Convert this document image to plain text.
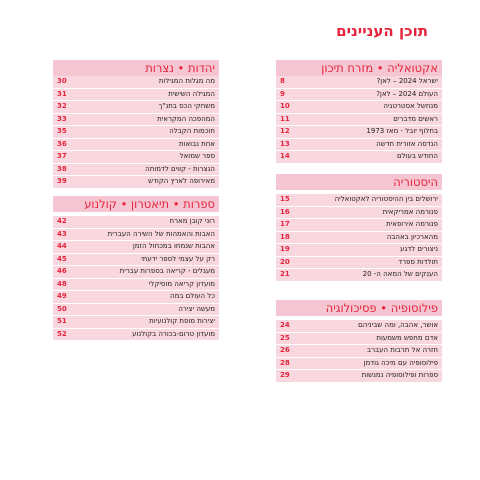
תוכן העניינים
אקטואליה • מזרח תיכון
ישראל 2024 – לאן?
8
העולם 2024 – לאן?
9
מנחשל אסטרטגיה
10
ראשים מדברים
11
בחלוף יובל - מאז 1973
12
הנדסה אזורית חדשה
13
החודש בעולם
14
היסטוריה
ירושלים בין ההיסטוריה לאקטואליה
15
פנורמה אמריקאית
16
פנורמה אירופאית
17
מהארכיון באהבה
18
ניצורים לדגע
19
תולדות ספרד
20
הענקים של המאה ה- 20
21
פילוסופיה • פסיכולוגיה
אושר, אהבה, ומה שביניהם
24
אדם מחפש משמעות
25
חזרה אל תרבות העברב
26
פילוסופיה עם מיכה גודמן
28
ספרות ופילוסופיה נמנשות
29
יהדות • נצרות
מה מגלות המגילות
30
המגילה השישית
31
משחקי הכס בתנ"ך
32
המהפכה המקראית
33
חוכמות הקבלה
35
אחת נבואות
36
ספר שמואל
37
הנצרות - קווים לדמותה
38
מאירופה לארץ הקודש
39
ספרות • תיאטרון • קולנוע
רוני קובן מארח
42
האבות והאמהות של השירה העברית
43
אהבות שנמחו במכחול הזמן
44
רק על עצמי לספר ידעתי
45
מעגלים - קריאה בספרות עברית
46
מועדון קריאה מוסיקלי
48
כל העולם במה
49
מעשה יצירה
50
יצירות מופת קולנועיות
51
מועדון טרום-בכורה בקולנוע
52
